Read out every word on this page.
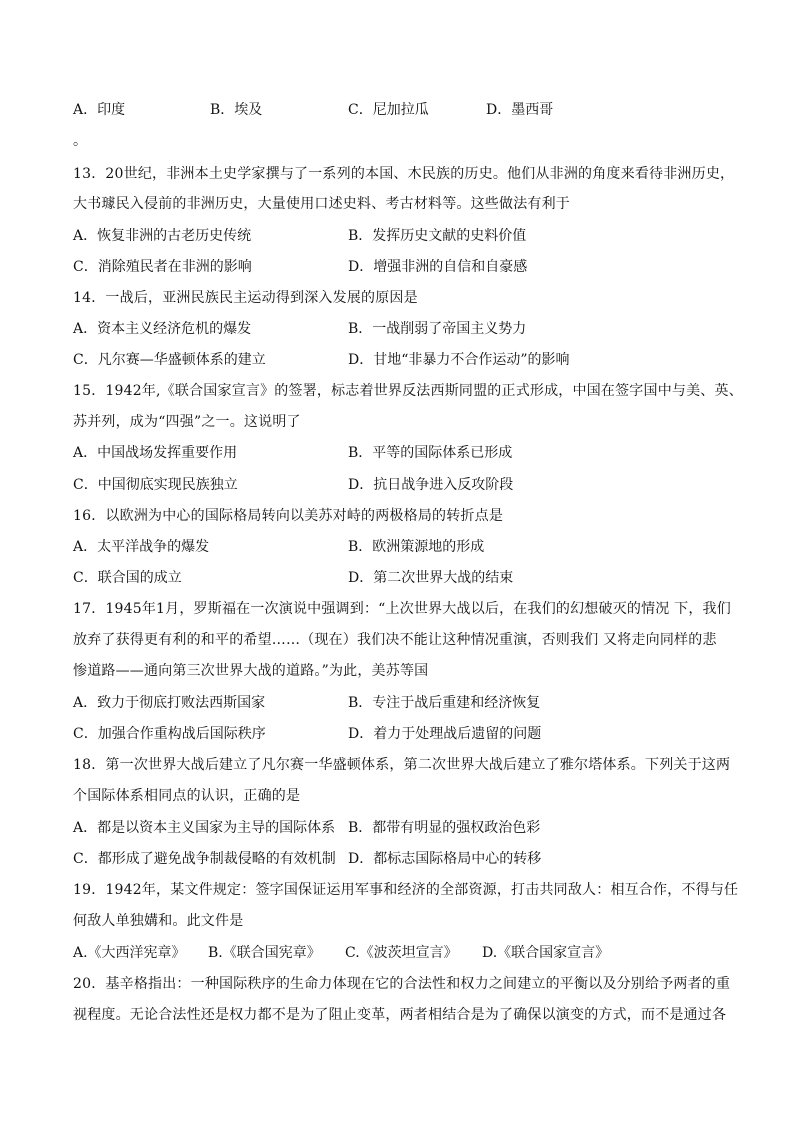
A．印度	B．埃及	C．尼加拉瓜	D．墨西哥
。
13．20世纪，非洲本土史学家撰与了一系列的本国、木民族的历史。他们从非洲的角度来看待非洲历史，
大书璩民入侵前的非洲历史，大量使用口述史料、考古材料等。这些做法有利于
A．恢复非洲的古老历史传统	B．发挥历史文献的史料价值
C．消除殖民者在非洲的影响	D．增强非洲的自信和自豪感
14．一战后，亚洲民族民主运动得到深入发展的原因是
A．资本主义经济危机的爆发	B．一战削弱了帝国主义势力
C．凡尔赛—华盛顿体系的建立	D．甘地“非暴力不合作运动”的影响
15．1942年,《联合国家宣言》的签署，标志着世界反法西斯同盟的正式形成，中国在签字国中与美、英、
苏并列，成为“四强”之一。这说明了
A．中国战场发挥重要作用	B．平等的国际体系已形成
C．中国彻底实现民族独立	D．抗日战争进入反攻阶段
16．以欧洲为中心的国际格局转向以美苏对峙的两极格局的转折点是
A．太平洋战争的爆发	B．欧洲策源地的形成
C．联合国的成立	D．第二次世界大战的结束
17．1945年1月，罗斯福在一次演说中强调到：“上次世界大战以后，在我们的幻想破灭的情况 下，我们
放弃了获得更有利的和平的希望……（现在）我们决不能让这种情况重演，否则我们 又将走向同样的悲
惨道路——通向第三次世界大战的道路。”为此，美苏等国
A．致力于彻底打败法西斯国家	B．专注于战后重建和经济恢复
C．加强合作重构战后国际秩序	D．着力于处理战后遗留的问题
18．第一次世界大战后建立了凡尔赛一华盛顿体系，第二次世界大战后建立了雅尔塔体系。下列关于这两
个国际体系相同点的认识，正确的是
A．都是以资本主义国家为主导的国际体系 B．都带有明显的强权政治色彩
C．都形成了避免战争制裁侵略的有效机制 D．都标志国际格局中心的转移
19．1942年，某文件规定：签字国保证运用军事和经济的全部资源，打击共同敌人：相互合作，不得与任
何敌人单独媾和。此文件是
A.《大西洋宪章》 B.《联合国宪章》 C.《波茨坦宣言》 D.《联合国家宣言》
20．基辛格指出：一种国际秩序的生命力体现在它的合法性和权力之间建立的平衡以及分别给予两者的重
视程度。无论合法性还是权力都不是为了阻止变革，两者相结合是为了确保以演变的方式，而不是通过各
